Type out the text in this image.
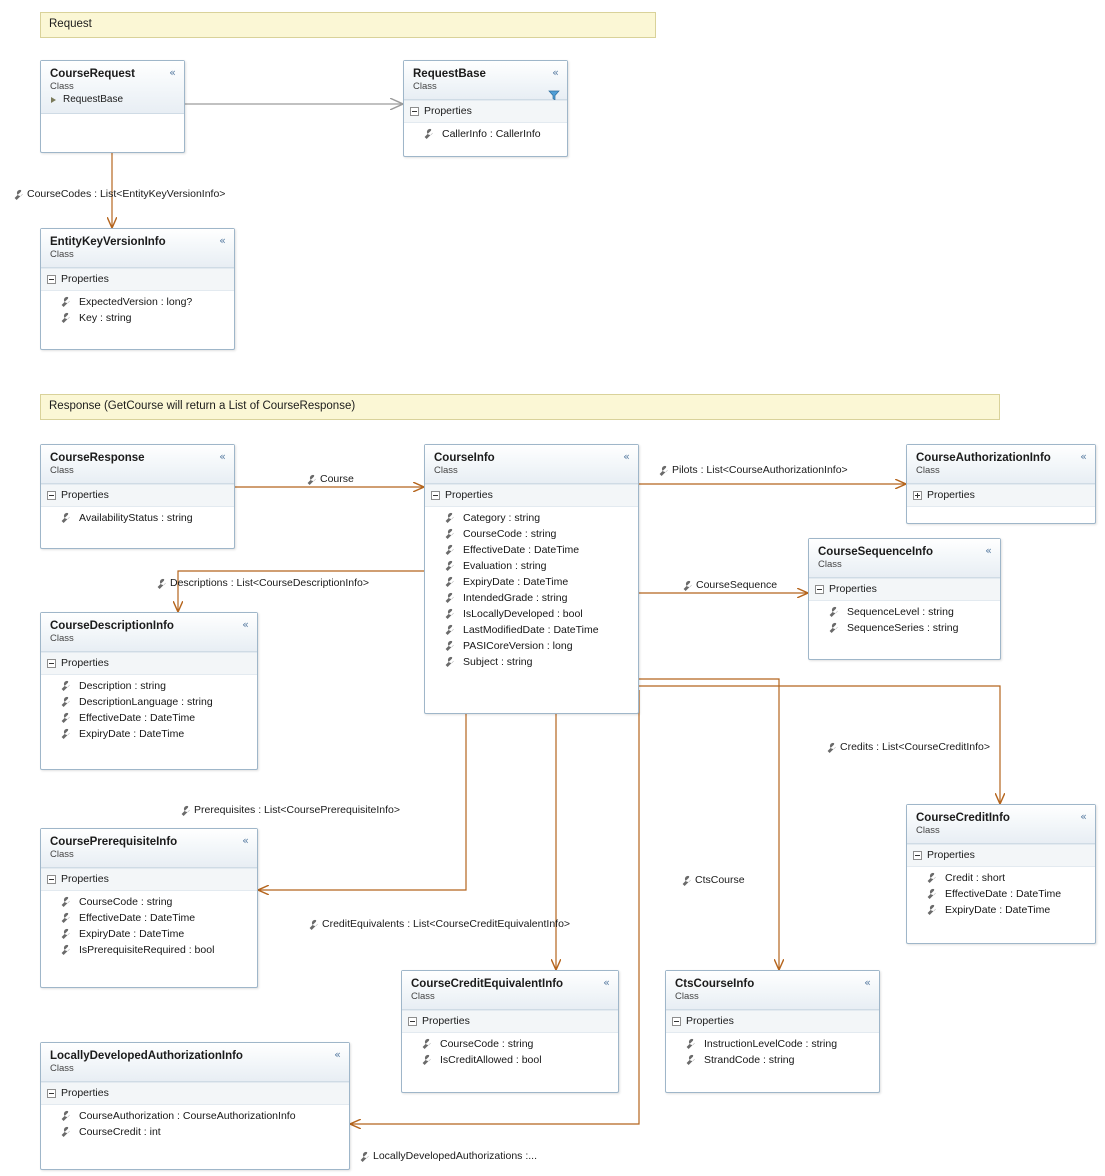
Request
Response (GetCourse will return a List of CourseResponse)
CourseRequest
Class
RequestBase
«	RequestBase
Class
«
Properties
CallerInfo : CallerInfo
EntityKeyVersionInfo
Class
«
Properties
ExpectedVersion : long?
Key : string
CourseResponse
Class
«
Properties
AvailabilityStatus : string
CourseInfo
Class
«
Properties
Category : string
CourseCode : string
EffectiveDate : DateTime
Evaluation : string
ExpiryDate : DateTime
IntendedGrade : string
IsLocallyDeveloped : bool
LastModifiedDate : DateTime
PASICoreVersion : long
Subject : string
CourseAuthorizationInfo
Class
«
Properties
CourseSequenceInfo
Class
«
Properties
SequenceLevel : string
SequenceSeries : string
CourseDescriptionInfo
Class
«
Properties
Description : string
DescriptionLanguage : string
EffectiveDate : DateTime
ExpiryDate : DateTime
CourseCreditInfo
Class
«
Properties
Credit : short
EffectiveDate : DateTime
ExpiryDate : DateTime
CoursePrerequisiteInfo
Class
«
Properties
CourseCode : string
EffectiveDate : DateTime
ExpiryDate : DateTime
IsPrerequisiteRequired : bool
CourseCreditEquivalentInfo
Class
«
Properties
CourseCode : string
IsCreditAllowed : bool
CtsCourseInfo
Class
«
Properties
InstructionLevelCode : string
StrandCode : string
LocallyDevelopedAuthorizationInfo
Class
«
Properties
CourseAuthorization : CourseAuthorizationInfo
CourseCredit : int
CourseCodes : List<EntityKeyVersionInfo>
Course
Pilots : List<CourseAuthorizationInfo>
CourseSequence
Descriptions : List<CourseDescriptionInfo>
Credits : List<CourseCreditInfo>
Prerequisites : List<CoursePrerequisiteInfo>
CtsCourse
CreditEquivalents : List<CourseCreditEquivalentInfo>
LocallyDevelopedAuthorizations :...
